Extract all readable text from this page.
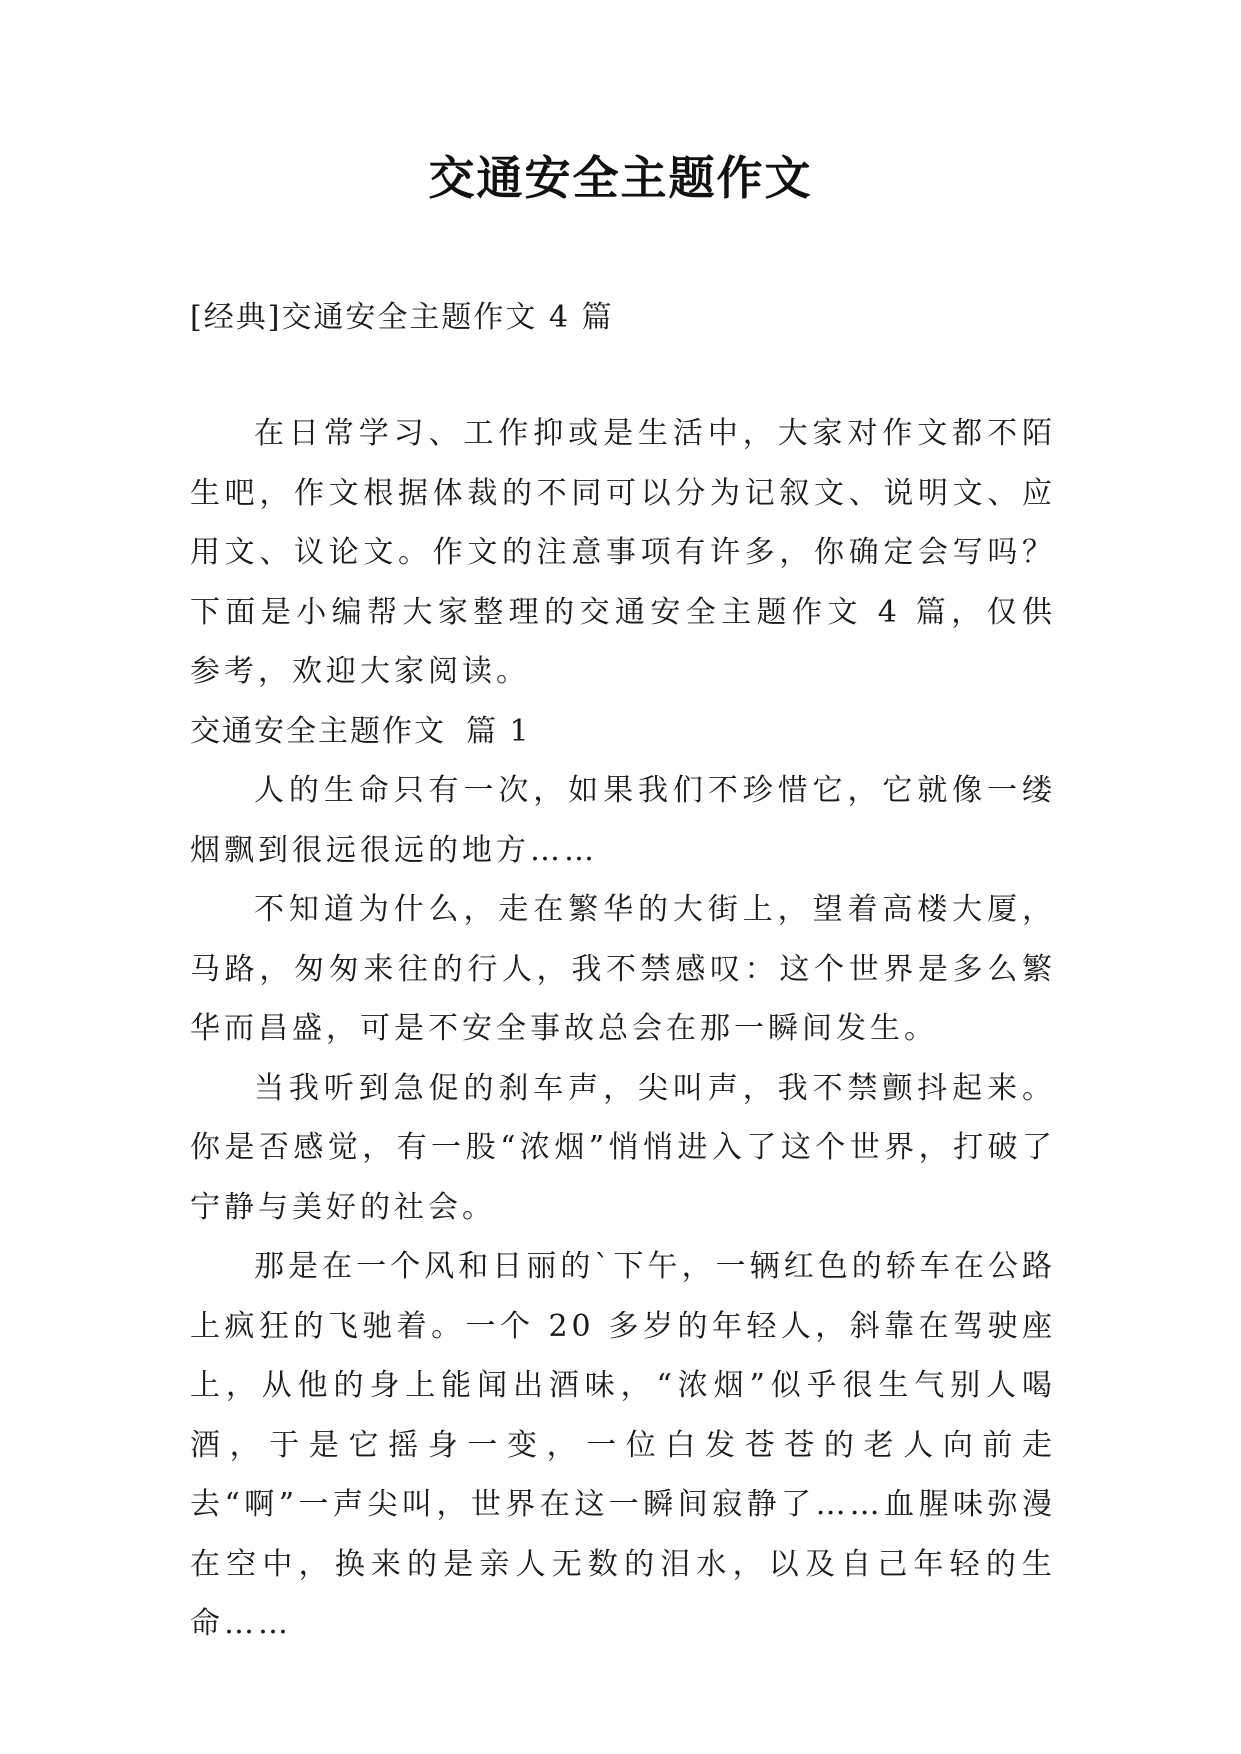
交通安全主题作文

[经典]交通安全主题作文 4 篇

在日常学习、工作抑或是生活中，大家对作文都不陌生吧，作文根据体裁的不同可以分为记叙文、说明文、应用文、议论文。作文的注意事项有许多，你确定会写吗？下面是小编帮大家整理的交通安全主题作文 4 篇，仅供参考，欢迎大家阅读。

交通安全主题作文 篇 1

人的生命只有一次，如果我们不珍惜它，它就像一缕烟飘到很远很远的地方……

不知道为什么，走在繁华的大街上，望着高楼大厦，马路，匆匆来往的行人，我不禁感叹：这个世界是多么繁华而昌盛，可是不安全事故总会在那一瞬间发生。

当我听到急促的刹车声，尖叫声，我不禁颤抖起来。你是否感觉，有一股“浓烟”悄悄进入了这个世界，打破了宁静与美好的社会。

那是在一个风和日丽的`下午，一辆红色的轿车在公路上疯狂的飞驰着。一个 20 多岁的年轻人，斜靠在驾驶座上，从他的身上能闻出酒味，“浓烟”似乎很生气别人喝酒，于是它摇身一变，一位白发苍苍的老人向前走去“啊”一声尖叫，世界在这一瞬间寂静了……血腥味弥漫在空中，换来的是亲人无数的泪水，以及自己年轻的生命……
